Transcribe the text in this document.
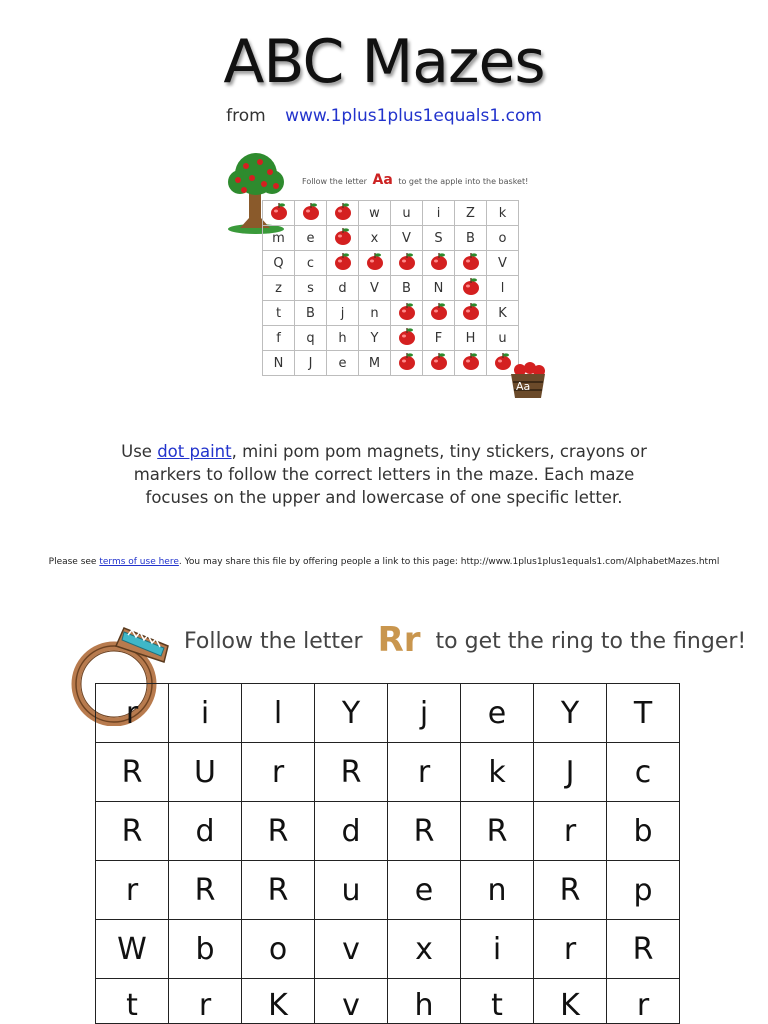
ABC Mazes
from www.1plus1plus1equals1.com
Follow the letter Aa to get the apple into the basket!
			w	u	i	Z	k
m	e		x	V	S	B	o
Q	c						V
z	s	d	V	B	N		l
t	B	j	n				K
f	q	h	Y		F	H	u
N	J	e	M				
Aa
Use dot paint, mini pom pom magnets, tiny stickers, crayons or markers to follow the correct letters in the maze. Each maze focuses on the upper and lowercase of one specific letter.
Please see terms of use here. You may share this file by offering people a link to this page: http://www.1plus1plus1equals1.com/AlphabetMazes.html
Follow the letter Rr to get the ring to the finger!
r	i	l	Y	j	e	Y	T
R	U	r	R	r	k	J	c
R	d	R	d	R	R	r	b
r	R	R	u	e	n	R	p
W	b	o	v	x	i	r	R
t	r	K	v	h	t	K	r
